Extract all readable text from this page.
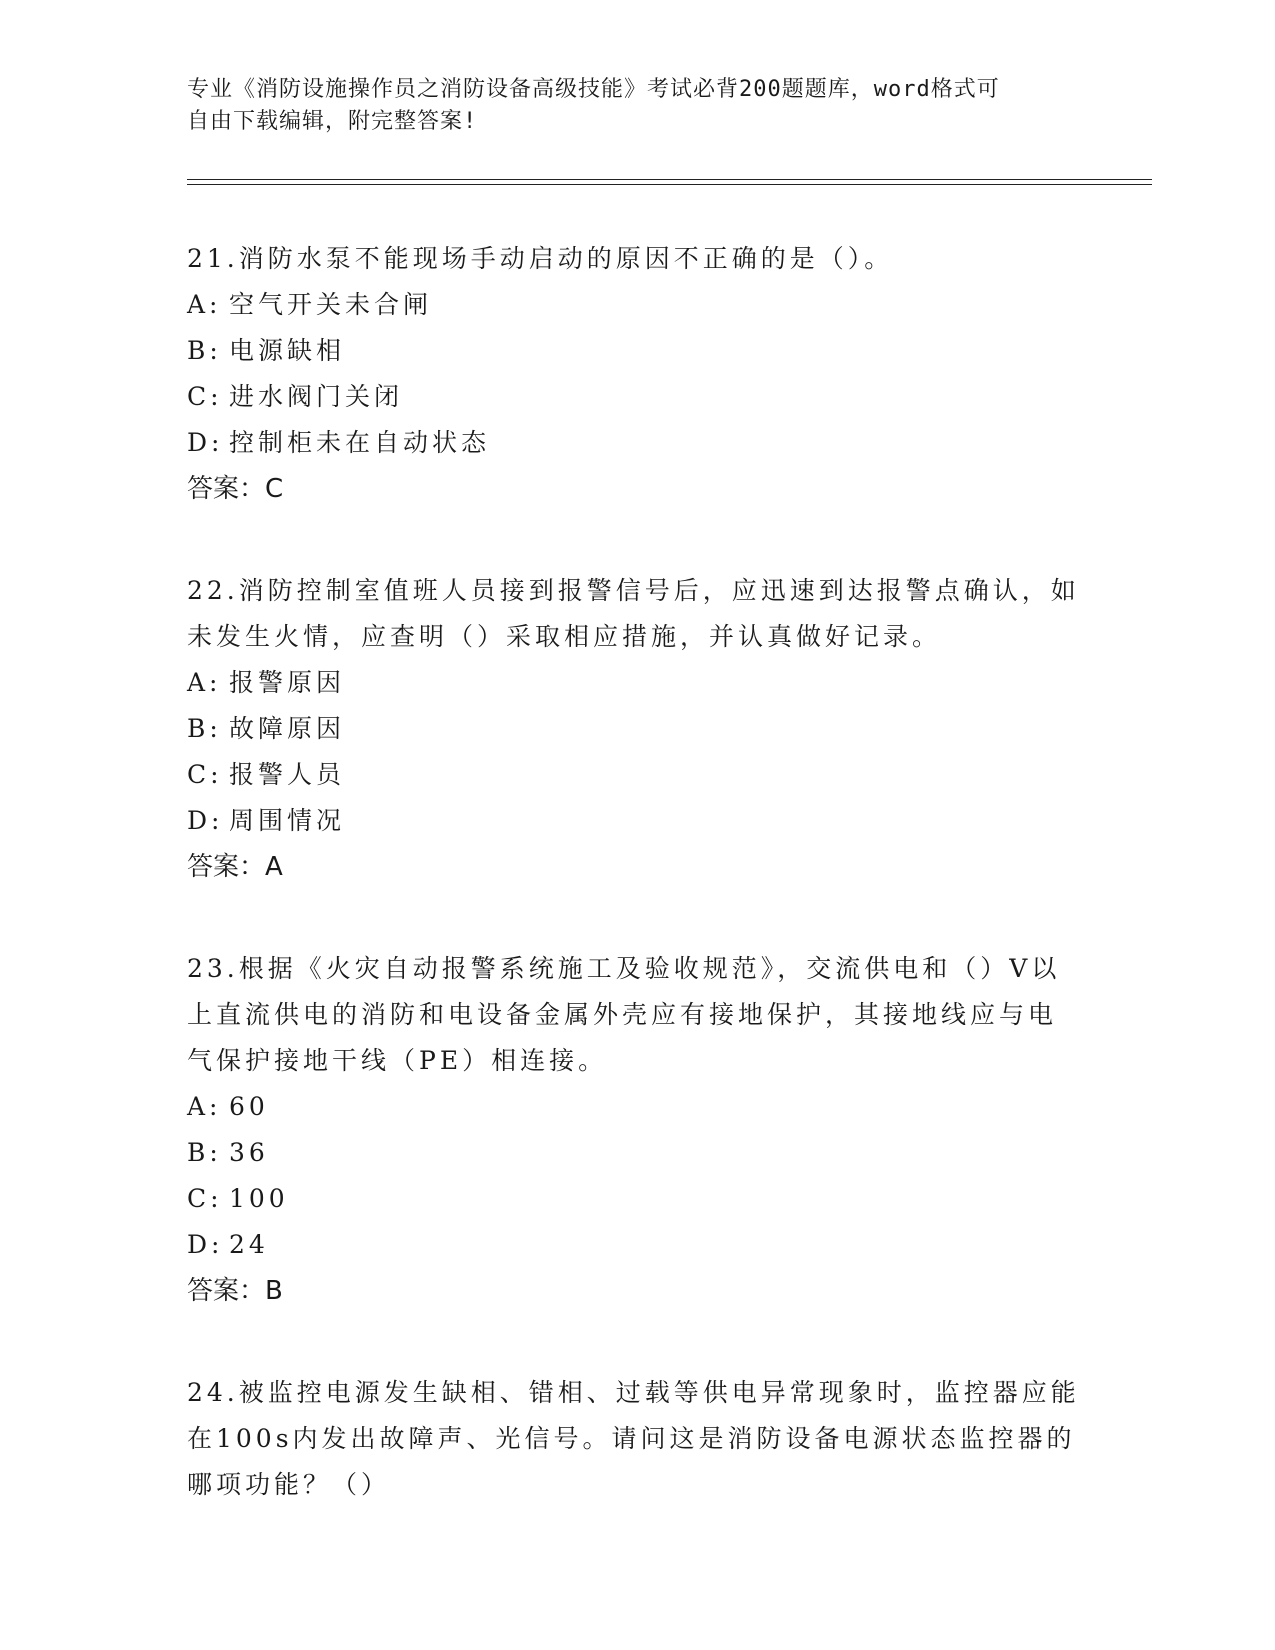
专业《消防设施操作员之消防设备高级技能》考试必背200题题库，word格式可
自由下载编辑，附完整答案!
21.消防水泵不能现场手动启动的原因不正确的是（）。
A: 空气开关未合闸
B: 电源缺相
C: 进水阀门关闭
D: 控制柜未在自动状态
答案：C
22.消防控制室值班人员接到报警信号后，应迅速到达报警点确认，如
未发生火情，应查明（）采取相应措施，并认真做好记录。
A: 报警原因
B: 故障原因
C: 报警人员
D: 周围情况
答案：A
23.根据《火灾自动报警系统施工及验收规范》，交流供电和（）V以
上直流供电的消防和电设备金属外壳应有接地保护，其接地线应与电
气保护接地干线（PE）相连接。
A: 60
B: 36
C: 100
D: 24
答案：B
24.被监控电源发生缺相、错相、过载等供电异常现象时，监控器应能
在100s内发出故障声、光信号。请问这是消防设备电源状态监控器的
哪项功能？（）
